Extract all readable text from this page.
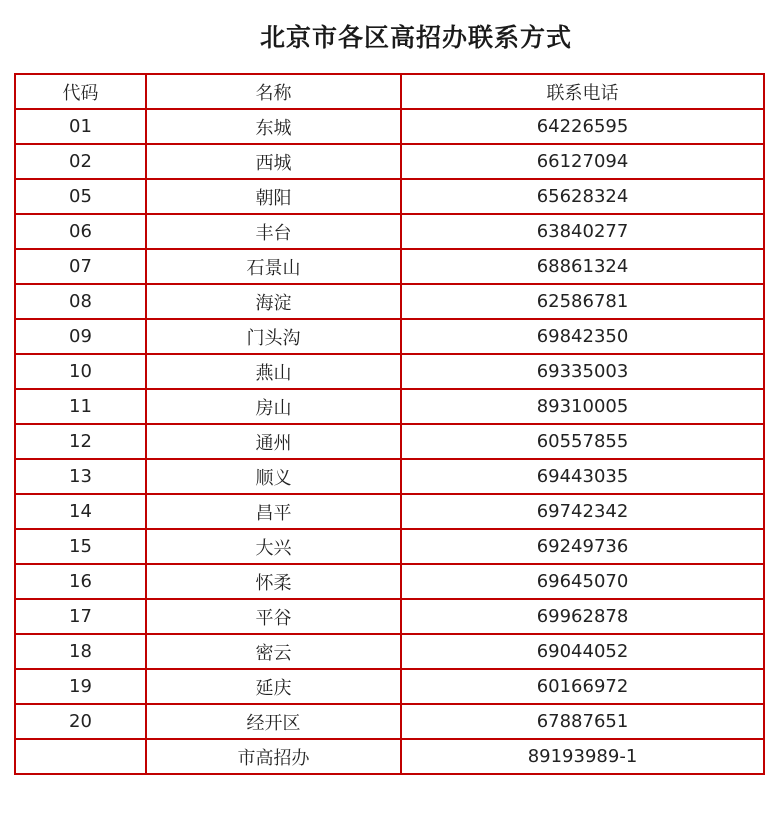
北京市各区高招办联系方式
代码	名称	联系电话
01	东城	64226595
02	西城	66127094
05	朝阳	65628324
06	丰台	63840277
07	石景山	68861324
08	海淀	62586781
09	门头沟	69842350
10	燕山	69335003
11	房山	89310005
12	通州	60557855
13	顺义	69443035
14	昌平	69742342
15	大兴	69249736
16	怀柔	69645070
17	平谷	69962878
18	密云	69044052
19	延庆	60166972
20	经开区	67887651
	市高招办	89193989-1
